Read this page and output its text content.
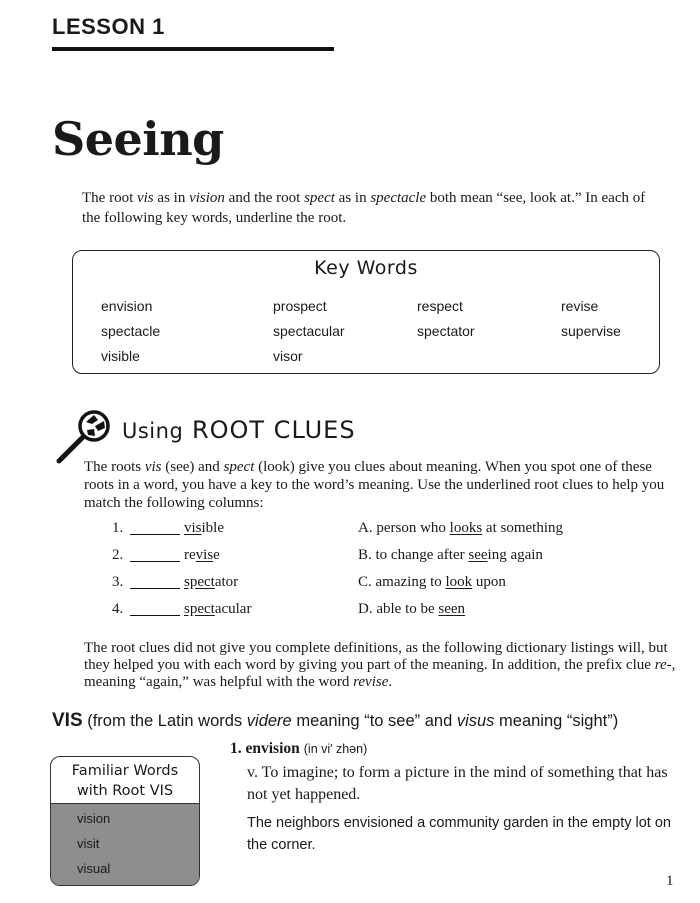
LESSON 1
Seeing
The root vis as in vision and the root spect as in spectacle both mean “see, look at.” In each of the following key words, underline the root.
Key Words
envision	prospect	respect	revise
spectacle	spectacular	spectator	supervise
visible	visor
Using ROOT CLUES
The roots vis (see) and spect (look) give you clues about meaning. When you spot one of these roots in a word, you have a key to the word’s meaning. Use the underlined root clues to help you match the following columns:
1.	visible	A. person who looks at something
2.	revise	B. to change after seeing again
3.	spectator	C. amazing to look upon
4.	spectacular	D. able to be seen
The root clues did not give you complete definitions, as the following dictionary listings will, but they helped you with each word by giving you part of the meaning. In addition, the prefix clue re-, meaning “again,” was helpful with the word revise.
VIS (from the Latin words videre meaning “to see” and visus meaning “sight”)
Familiar Words
with Root VIS
vision
visit
visual
1. envision (in vi′ zhən)
v. To imagine; to form a picture in the mind of something that has not yet happened.
The neighbors envisioned a community garden in the empty lot on the corner.
1
